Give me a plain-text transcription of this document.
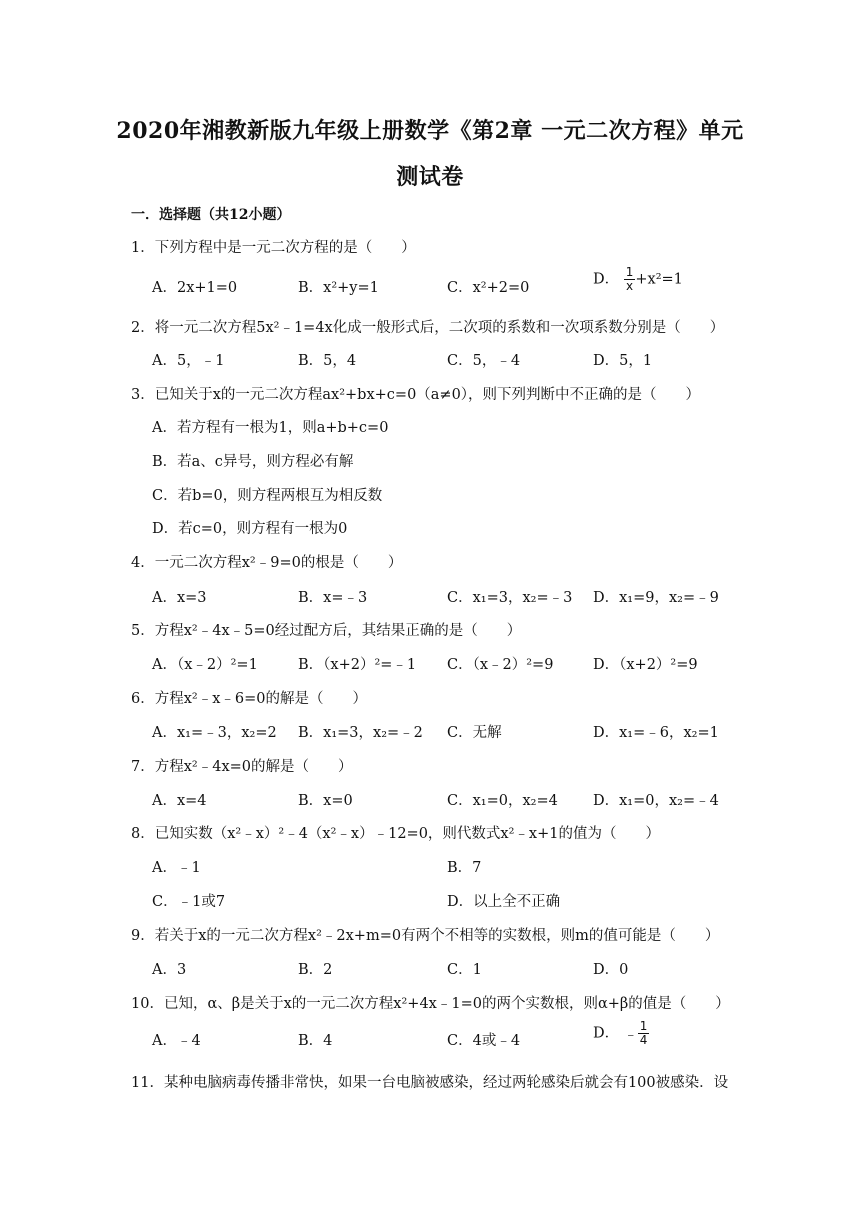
2020年湘教新版九年级上册数学《第2章 一元二次方程》单元
测试卷
一．选择题（共12小题）
1．下列方程中是一元二次方程的是（　　）
A．2x+1=0	B．x²+y=1	C．x²+2=0
D． $\frac{1}{x} +x^2=1$
2．将一元二次方程5x²﹣1=4x化成一般形式后，二次项的系数和一次项系数分别是（　　）
A．5，﹣1	B．5，4	C．5，﹣4	D．5，1
3．已知关于x的一元二次方程ax²+bx+c=0（a≠0），则下列判断中不正确的是（　　）
A．若方程有一根为1，则a+b+c=0
B．若a、c异号，则方程必有解
C．若b=0，则方程两根互为相反数
D．若c=0，则方程有一根为0
4．一元二次方程x²﹣9=0的根是（　　）
A．x=3	B．x=﹣3	C．x₁=3，x₂=﹣3 D．x₁=9，x₂=﹣9
5．方程x²﹣4x﹣5=0经过配方后，其结果正确的是（　　）
A．（x﹣2）²=1	B．（x+2）²=﹣1 C．（x﹣2）²=9	D．（x+2）²=9
6．方程x²﹣x﹣6=0的解是（　　）
A．x₁=﹣3，x₂=2 B．x₁=3，x₂=﹣2 C．无解	D．x₁=﹣6，x₂=1
7．方程x²﹣4x=0的解是（　　）
A．x=4	B．x=0	C．x₁=0，x₂=4 D．x₁=0，x₂=﹣4
8．已知实数（x²﹣x）²﹣4（x²﹣x）﹣12=0，则代数式x²﹣x+1的值为（　　）
A．﹣1	B．7
C．﹣1或7	D．以上全不正确
9．若关于x的一元二次方程x²﹣2x+m=0有两个不相等的实数根，则m的值可能是（　　）
A．3	B．2	C．1	D．0
10．已知，α、β是关于x的一元二次方程x²+4x﹣1=0的两个实数根，则α+β的值是（　　）
A．﹣4	B．4	C．4或﹣4	D． ﹣ $\frac{1}{4}$
11．某种电脑病毒传播非常快，如果一台电脑被感染，经过两轮感染后就会有100被感染．设
